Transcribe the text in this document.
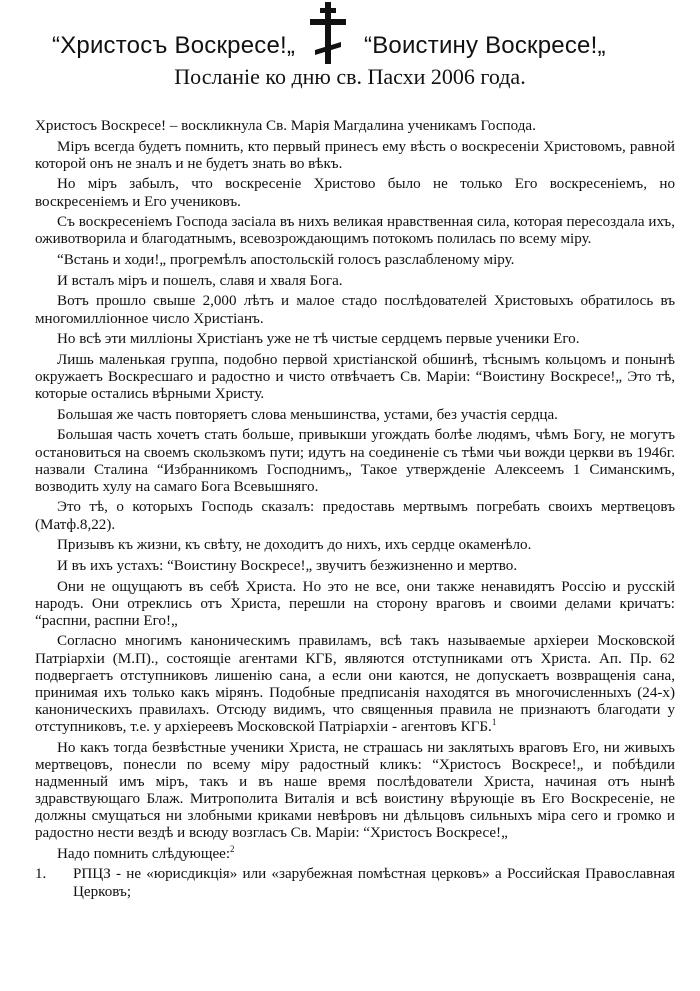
“Христосъ Воскресе!„	“Воистину Воскресе!„
Посланіе ко дню св. Пасхи 2006 года.

Христосъ Воскресе! – воскликнула Св. Марiя Магдалина ученикамъ Господа.

Мiръ всегда будетъ помнить, кто первый принесъ ему вѣсть о воскресеніи Христовомъ, равной которой онъ не зналъ и не будетъ знать во вѣкъ.

Но мiръ забылъ, что воскресеніе Христово было не только Его воскресеніемъ, но воскресеніемъ и Его учениковъ.

Съ воскресеніемъ Господа засіала въ нихъ великая нравственная сила, которая пересоздала ихъ, оживотворила и благодатнымъ, всевозрождающимъ потокомъ полилась по всему мiру.

“Встань и ходи!„ прогремѣлъ апостольскій голосъ разслабленому мiру.

И всталъ мiръ и пошелъ, славя и хваля Бога.

Вотъ прошло свыше 2,000 лѣтъ и малое стадо послѣдователей Христовыхъ обратилось въ многомиллiонное число Христiанъ.

Но всѣ эти миллiоны Христiанъ уже не тѣ чистые сердцемъ первые ученики Его.

Лишь маленькая группа, подобно первой христiанской обшинѣ, тѣснымъ кольцомъ и понынѣ окружаетъ Воскресшаго и радостно и чисто отвѣчаетъ Св. Марiи: “Воистину Воскресе!„ Это тѣ, которые остались вѣрными Христу.

Большая же часть повторяетъ слова меньшинства, устами, без участiя сердца.

Большая часть хочетъ стать больше, привыкши угождать болѣе людямъ, чѣмъ Богу, не могутъ остановиться на своемъ скользкомъ пути; идутъ на соединеніе съ тѣми чьи вожди церкви въ 1946г. назвали Сталина “Избранникомъ Господнимъ„ Такое утвержденіе Алексеемъ 1 Симанскимъ, возводить хулу на самаго Бога Всевышняго.

Это тѣ, о которыхъ Господь сказалъ: предоставь мертвымъ погребать своихъ мертвецовъ (Матф.8,22).

Призывъ къ жизни, къ свѣту, не доходитъ до нихъ, ихъ сердце окаменѣло.

И въ ихъ устахъ: “Воистину Воскресе!„ звучитъ безжизненно и мертво.

Они не ощущаютъ въ себѣ Христа. Но это не все, они также ненавидятъ Россiю и русскiй народъ. Они отреклись отъ Христа, перешли на сторону враговъ и своими делами кричатъ: “распни, распни Его!„

Согласно многимъ каноническимъ правиламъ, всѣ такъ называемые архiереи Московской Патрiархiи (М.П)., состоящiе агентами КГБ, являются отступниками отъ Христа. Ап. Пр. 62 подвергаетъ отступниковъ лишенiю сана, а если они каются, не допускаетъ возвращенiя сана, принимая ихъ только какъ мiрянъ. Подобные предписанiя находятся въ многочисленныхъ (24-х) каноническихъ правилахъ. Отсюду видимъ, что священныя правила не признаютъ благодати у отступниковъ, т.е. у архiереевъ Московской Патрiархiи - агентовъ КГБ.$^1$

Но какъ тогда безвѣстные ученики Христа, не страшась ни заклятыхъ враговъ Его, ни живыхъ мертвецовъ, понесли по всему мiру радостный кликъ: “Христосъ Воскресе!„ и побѣдили надменный имъ мiръ, такъ и въ наше время послѣдователи Христа, начиная отъ нынѣ здравствующаго Блаж. Митрополита Виталiя и всѣ воистину вѣрующiе въ Его Воскресенiе, не должны смущаться ни злобными криками невѣровъ ни дѣльцовъ сильныхъ мiра сего и громко и радостно нести вездѣ и всюду возгласъ Св. Марiи: “Христосъ Воскресе!„

Надо помнить слѣдующее:$^2$

1. РПЦЗ - не «юрисдикцiя» или «зарубежная помѣстная церковъ» а Российская Православная Церковъ;
